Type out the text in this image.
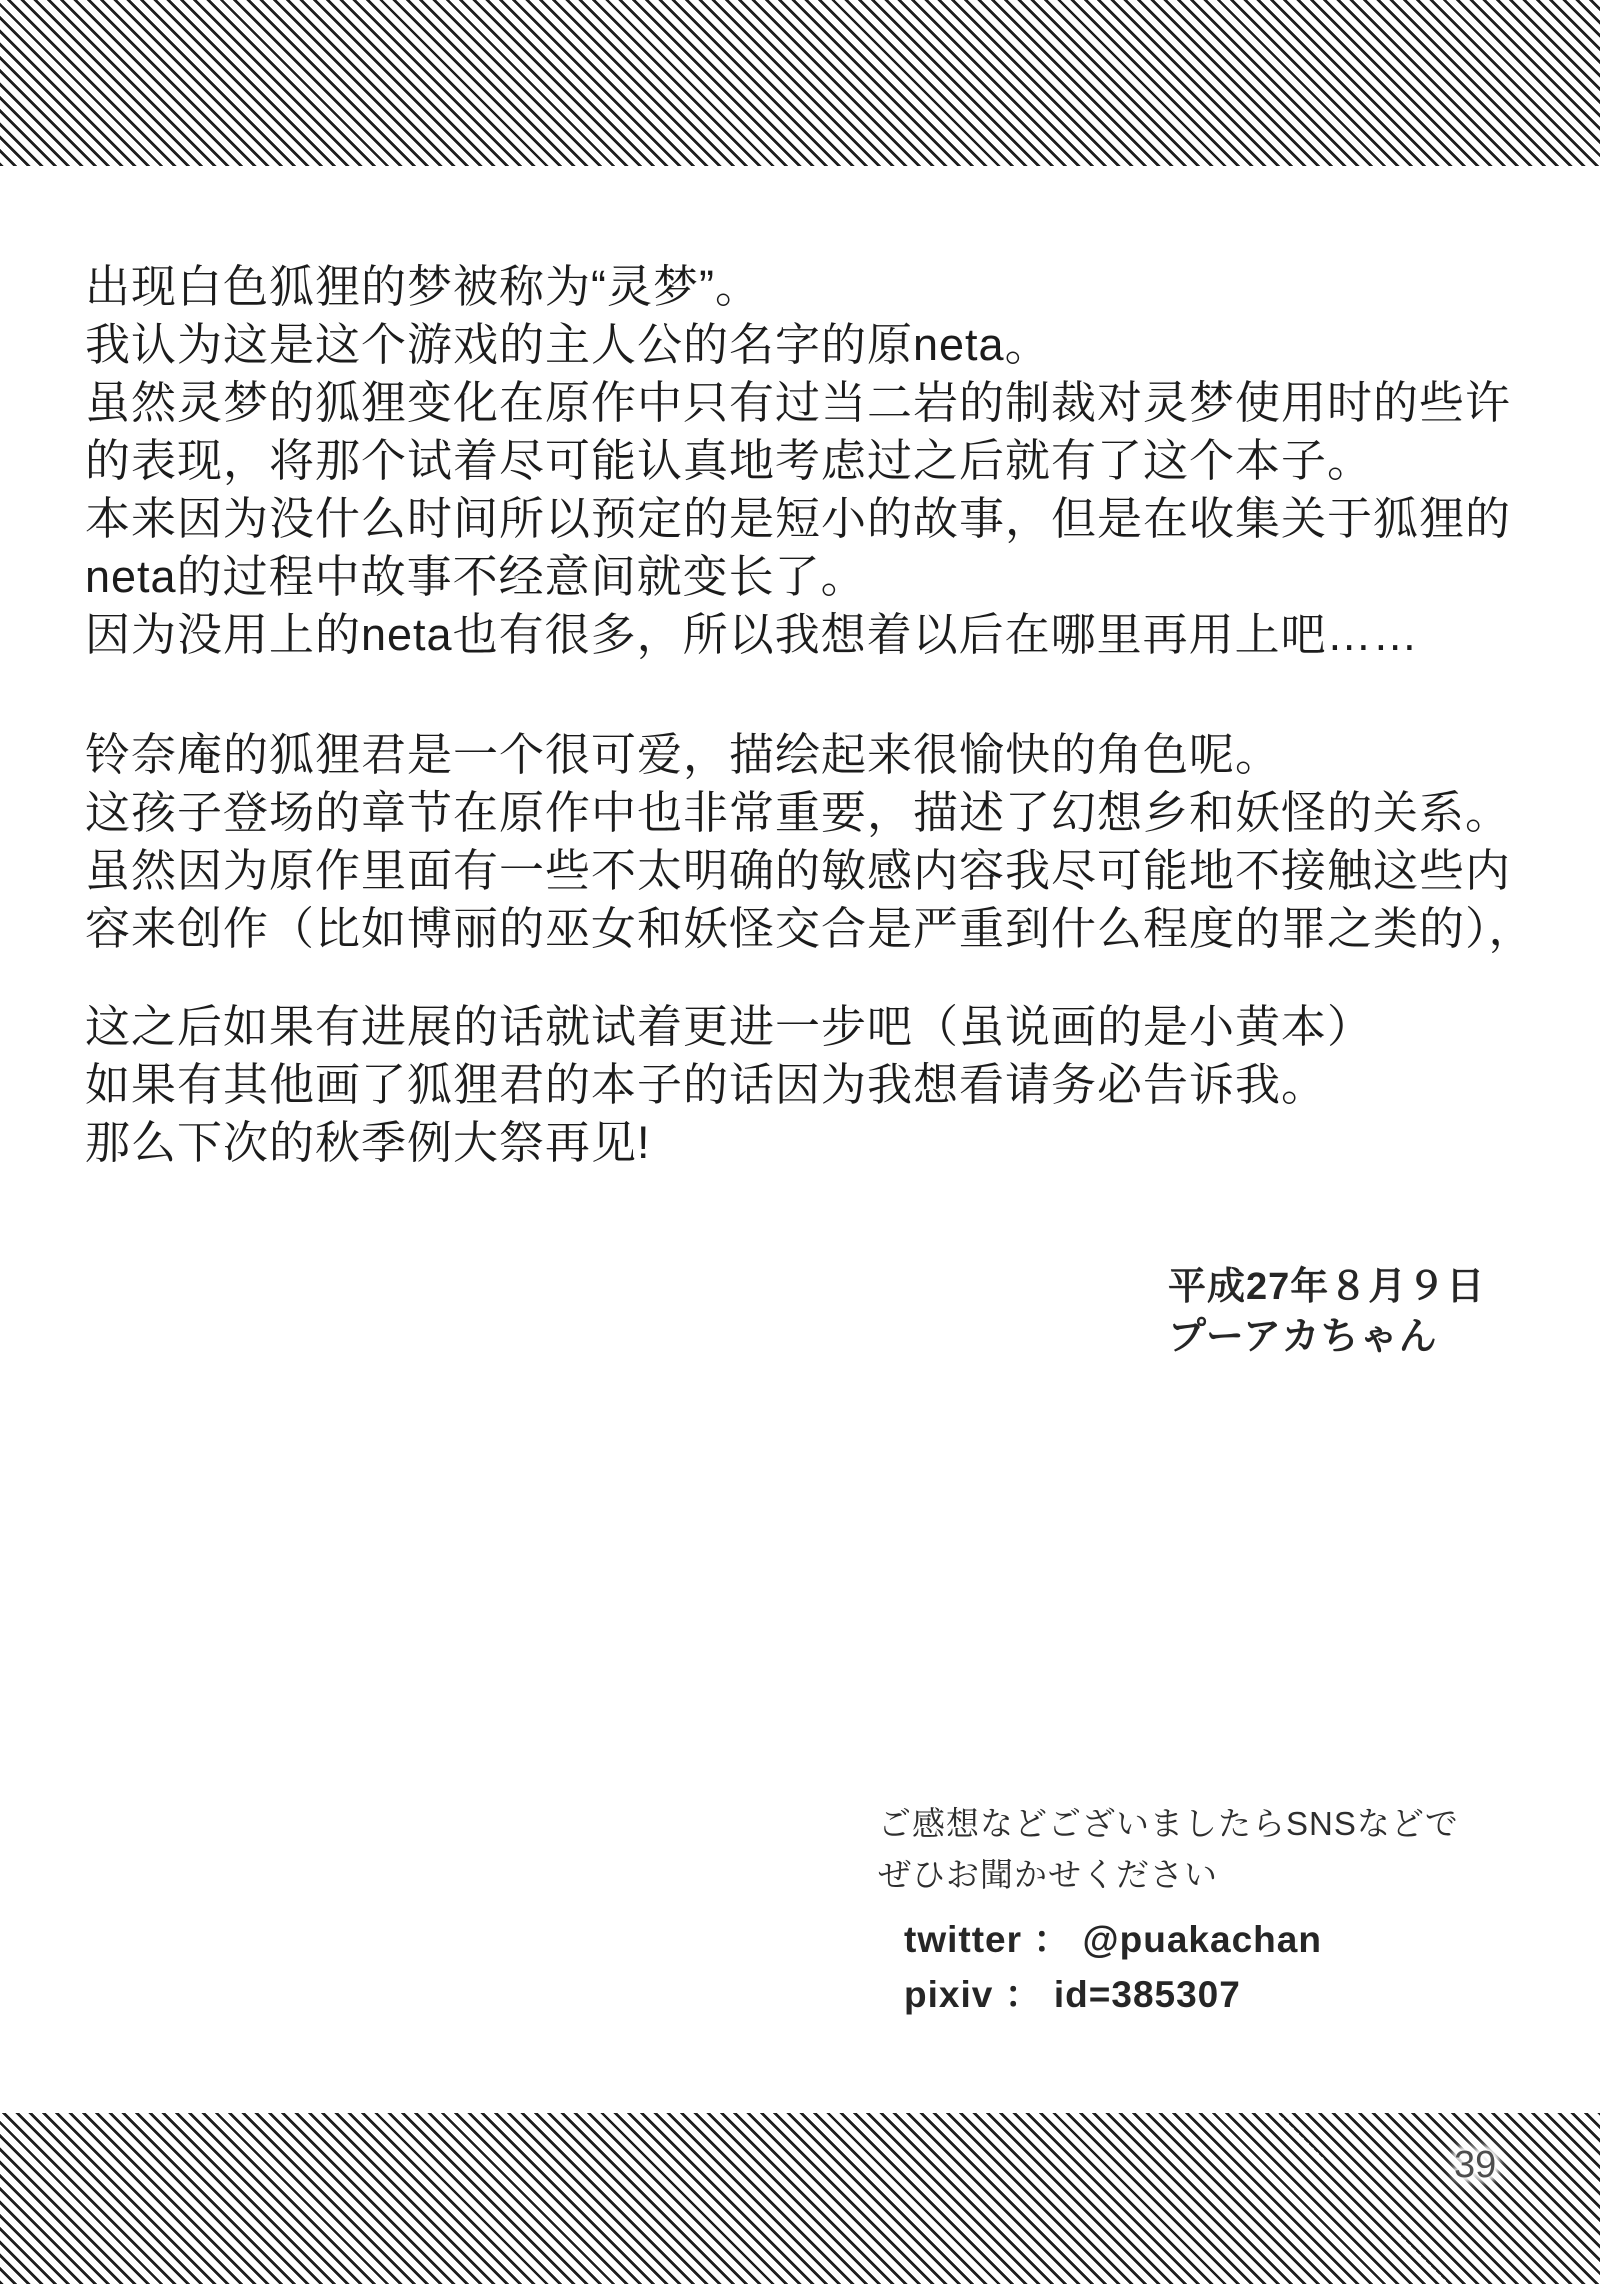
出现白色狐狸的梦被称为“灵梦”。
我认为这是这个游戏的主人公的名字的原neta。
虽然灵梦的狐狸变化在原作中只有过当二岩的制裁对灵梦使用时的些许
的表现，将那个试着尽可能认真地考虑过之后就有了这个本子。
本来因为没什么时间所以预定的是短小的故事，但是在收集关于狐狸的
neta的过程中故事不经意间就变长了。
因为没用上的neta也有很多，所以我想着以后在哪里再用上吧……
铃奈庵的狐狸君是一个很可爱，描绘起来很愉快的角色呢。
这孩子登场的章节在原作中也非常重要，描述了幻想乡和妖怪的关系。
虽然因为原作里面有一些不太明确的敏感内容我尽可能地不接触这些内
容来创作（比如博丽的巫女和妖怪交合是严重到什么程度的罪之类的），
这之后如果有进展的话就试着更进一步吧（虽说画的是小黄本）
如果有其他画了狐狸君的本子的话因为我想看请务必告诉我。
那么下次的秋季例大祭再见!
平成27年８月９日
プーアカちゃん
ご感想などございましたらSNSなどで
ぜひお聞かせください
twitter ： @puakachan
pixiv ： id=385307
39
